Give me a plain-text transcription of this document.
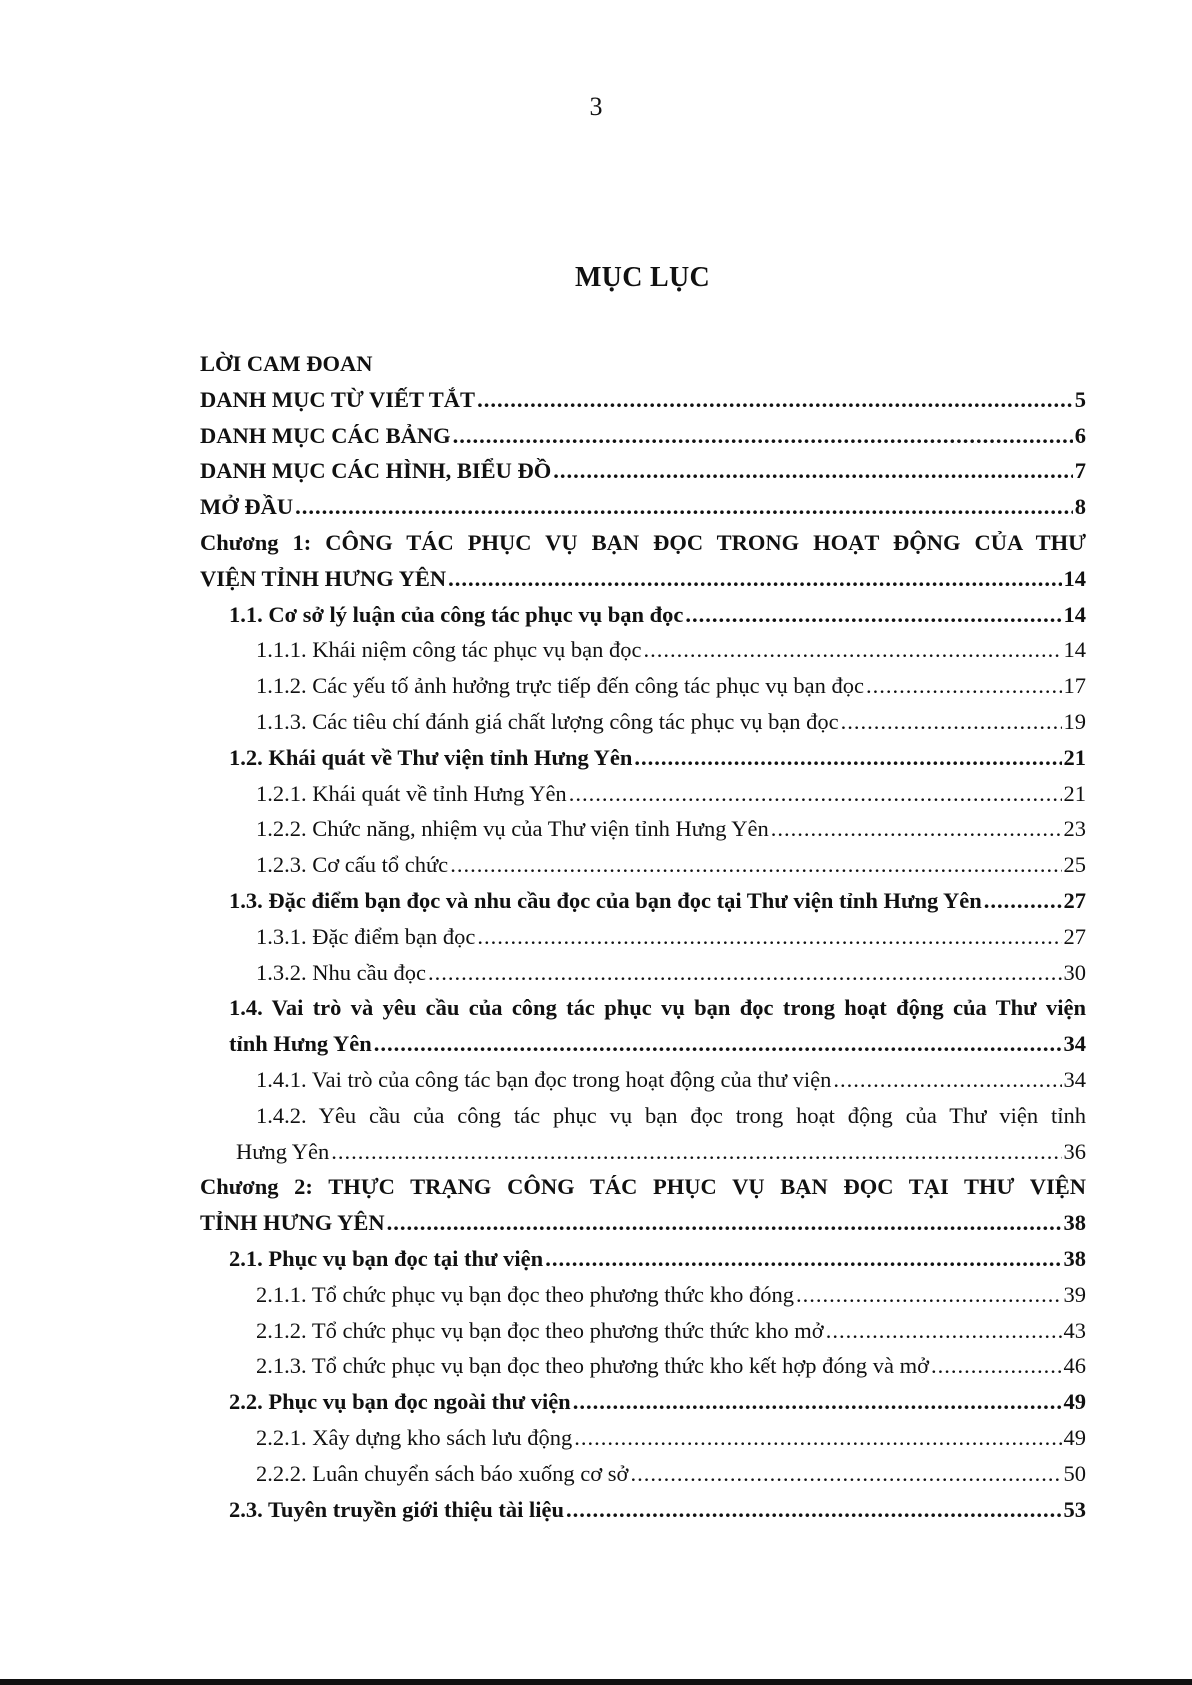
3
MỤC LỤC
LỜI CAM ĐOAN
DANH MỤC TỪ VIẾT TẮT .....	5
DANH MỤC CÁC BẢNG .....	6
DANH MỤC CÁC HÌNH, BIỂU ĐỒ .....	7
MỞ ĐẦU .....	8
Chương 1: CÔNG TÁC PHỤC VỤ BẠN ĐỌC TRONG HOẠT ĐỘNG CỦA THƯ
VIỆN TỈNH HƯNG YÊN .....	14
1.1. Cơ sở lý luận của công tác phục vụ bạn đọc .....	14
1.1.1. Khái niệm công tác phục vụ bạn đọc .....	14
1.1.2. Các yếu tố ảnh hưởng trực tiếp đến công tác phục vụ bạn đọc .....	17
1.1.3. Các tiêu chí đánh giá chất lượng công tác phục vụ bạn đọc .....	19
1.2. Khái quát về Thư viện tỉnh Hưng Yên .....	21
1.2.1. Khái quát về tỉnh Hưng Yên .....	21
1.2.2. Chức năng, nhiệm vụ của Thư viện tỉnh Hưng Yên .....	23
1.2.3. Cơ cấu tổ chức .....	25
1.3. Đặc điểm bạn đọc và nhu cầu đọc của bạn đọc tại Thư viện tỉnh Hưng Yên .....	27
1.3.1. Đặc điểm bạn đọc .....	27
1.3.2. Nhu cầu đọc .....	30
1.4. Vai trò và yêu cầu của công tác phục vụ bạn đọc trong hoạt động của Thư viện
tỉnh Hưng Yên .....	34
1.4.1. Vai trò của công tác bạn đọc trong hoạt động của thư viện .....	34
1.4.2. Yêu cầu của công tác phục vụ bạn đọc trong hoạt động của Thư viện tỉnh
Hưng Yên .....	36
Chương 2: THỰC TRẠNG CÔNG TÁC PHỤC VỤ BẠN ĐỌC TẠI THƯ VIỆN
TỈNH HƯNG YÊN .....	38
2.1. Phục vụ bạn đọc tại thư viện .....	38
2.1.1. Tổ chức phục vụ bạn đọc theo phương thức kho đóng .....	39
2.1.2. Tổ chức phục vụ bạn đọc theo phương thức thức kho mở .....	43
2.1.3. Tổ chức phục vụ bạn đọc theo phương thức kho kết hợp đóng và mở .....	46
2.2. Phục vụ bạn đọc ngoài thư viện .....	49
2.2.1. Xây dựng kho sách lưu động .....	49
2.2.2. Luân chuyển sách báo xuống cơ sở .....	50
2.3. Tuyên truyền giới thiệu tài liệu .....	53
